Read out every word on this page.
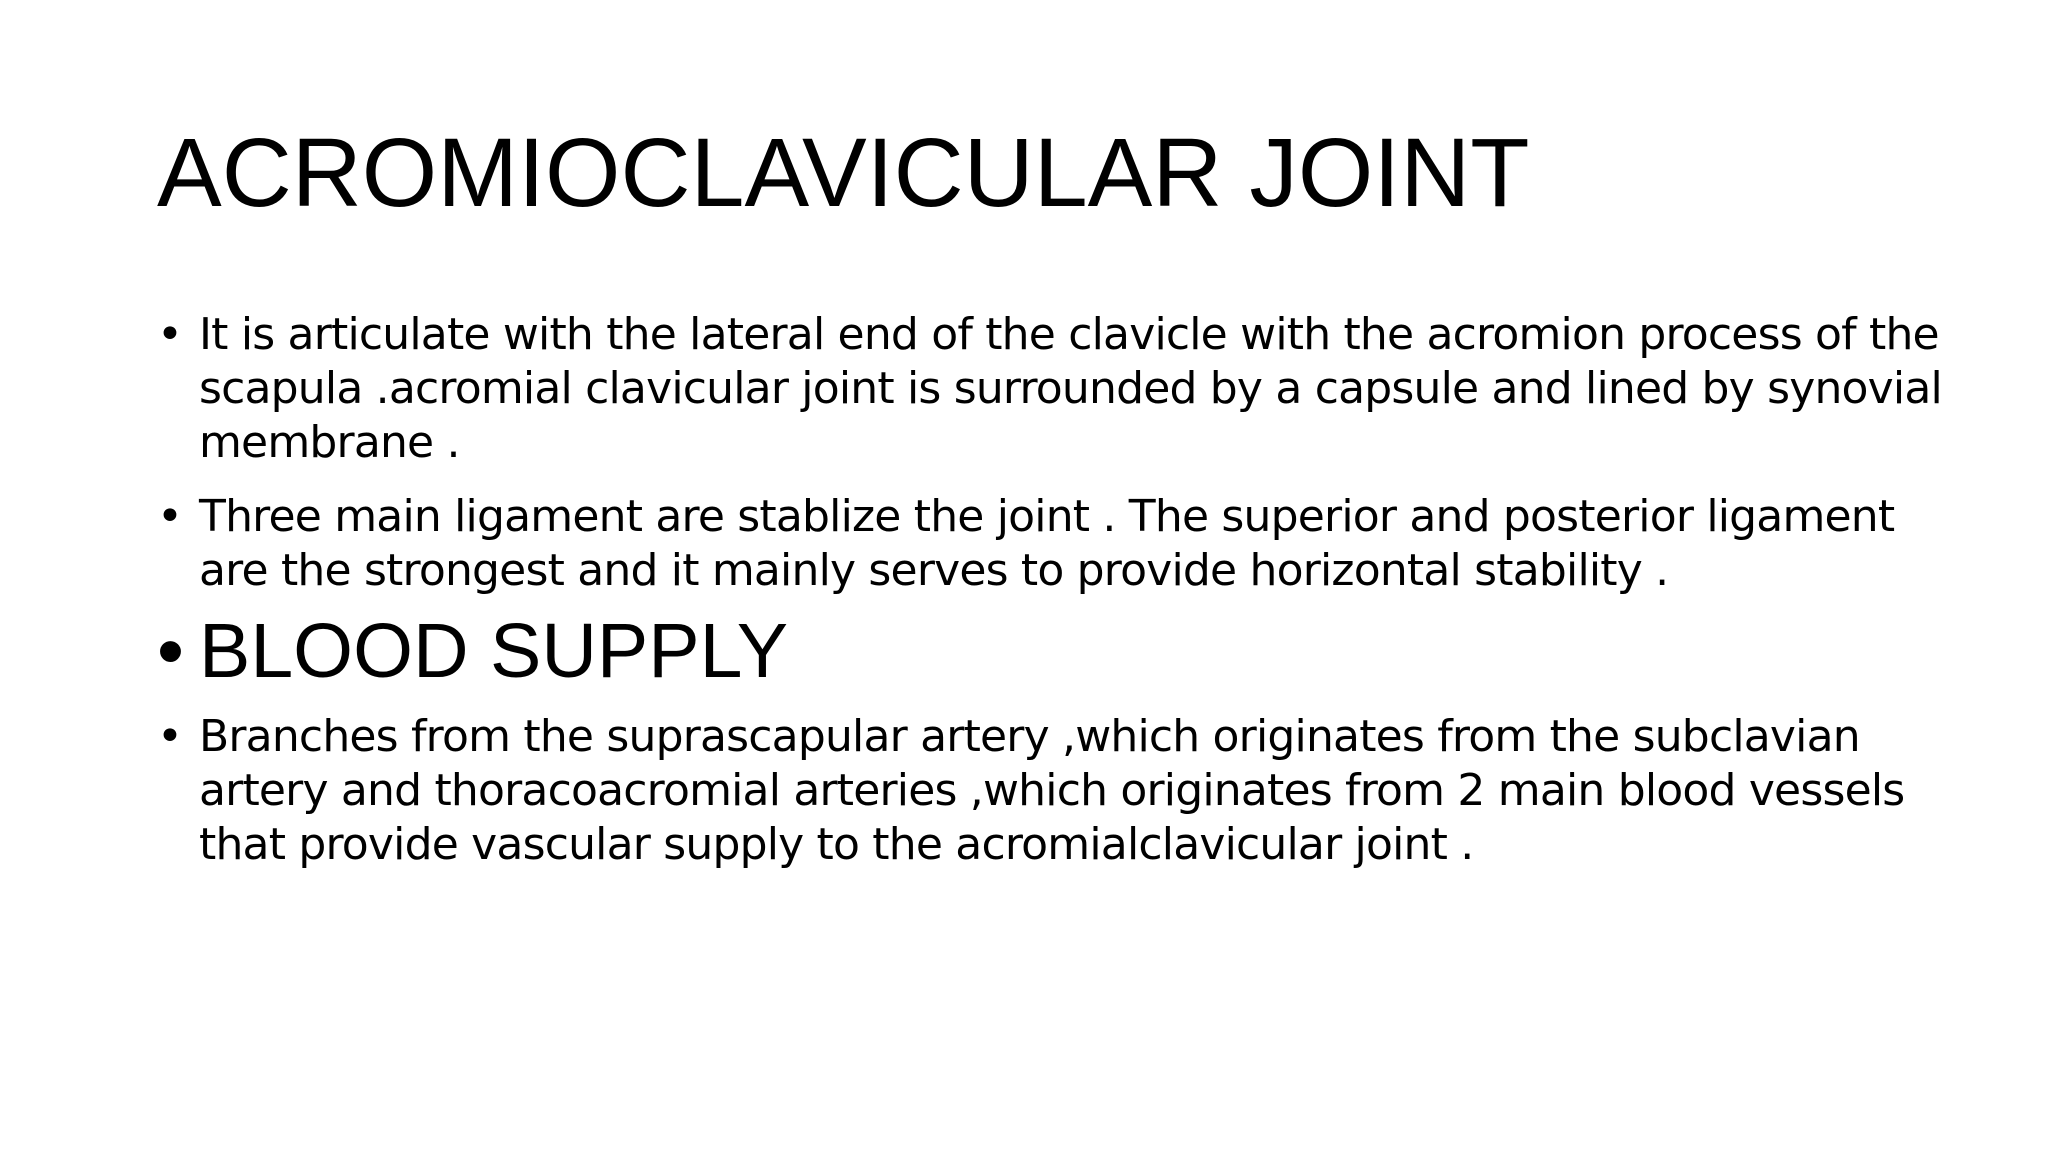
ACROMIOCLAVICULAR JOINT
• It is articulate with the lateral end of the clavicle with the acromion process of the scapula .acromial clavicular joint is surrounded by a capsule and lined by synovial membrane .
• Three main ligament are stablize the joint . The superior and posterior ligament are the strongest and it mainly serves to provide horizontal stability .
• BLOOD SUPPLY
• Branches from the suprascapular artery ,which originates from the subclavian artery and thoracoacromial arteries ,which originates from 2 main blood vessels that provide vascular supply to the acromialclavicular joint .
